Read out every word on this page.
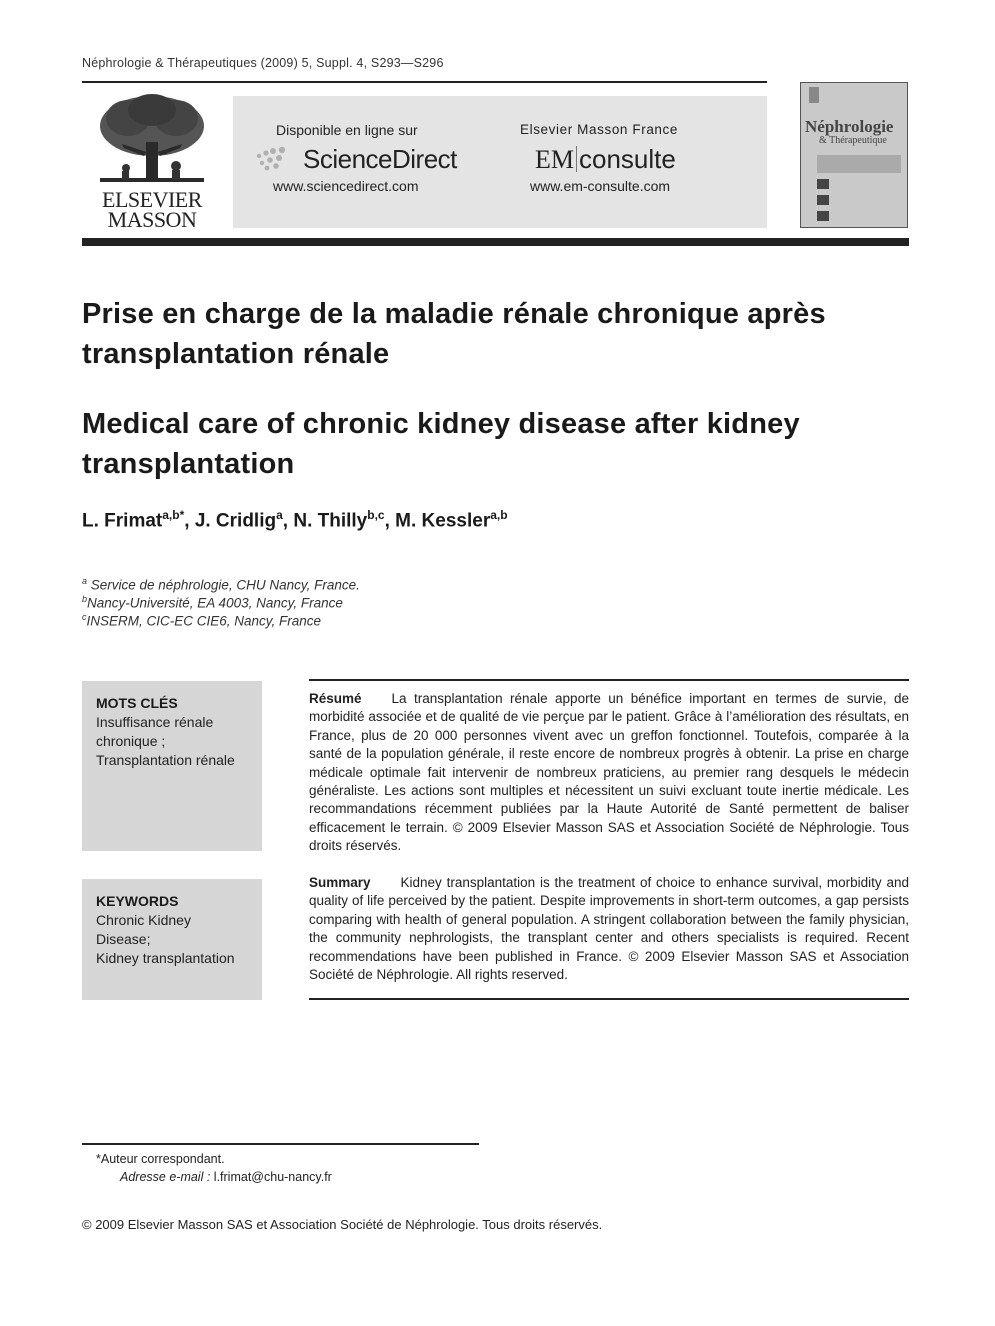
Néphrologie & Thérapeutiques (2009) 5, Suppl. 4, S293—S296
ELSEVIER
MASSON
Disponible en ligne sur
ScienceDirect
www.sciencedirect.com
Elsevier Masson France
EM consulte
www.em-consulte.com
Néphrologie
& Thérapeutique
Prise en charge de la maladie rénale chronique après transplantation rénale
Medical care of chronic kidney disease after kidney transplantation
L. Frimat$^{a,b*}$, J. Cridlig$^a$, N. Thilly$^{b,c}$, M. Kessler$^{a,b}$
$^a$ Service de néphrologie, CHU Nancy, France.
$^b$Nancy-Université, EA 4003, Nancy, France
$^c$INSERM, CIC-EC CIE6, Nancy, France
MOTS CLÉS
Insuffisance rénale
chronique ;
Transplantation rénale
KEYWORDS
Chronic Kidney
Disease;
Kidney transplantation
Résumé La transplantation rénale apporte un bénéfice important en termes de survie, de morbidité associée et de qualité de vie perçue par le patient. Grâce à l’amélioration des résultats, en France, plus de 20 000 personnes vivent avec un greffon fonctionnel. Toutefois, comparée à la santé de la population générale, il reste encore de nombreux progrès à obtenir. La prise en charge médicale optimale fait intervenir de nombreux praticiens, au premier rang desquels le médecin généraliste. Les actions sont multiples et nécessitent un suivi excluant toute inertie médicale. Les recommandations récemment publiées par la Haute Autorité de Santé permettent de baliser efficacement le terrain. © 2009 Elsevier Masson SAS et Association Société de Néphrologie. Tous droits réservés.
Summary Kidney transplantation is the treatment of choice to enhance survival, morbidity and quality of life perceived by the patient. Despite improvements in short-term outcomes, a gap persists comparing with health of general population. A stringent collaboration between the family physician, the community nephrologists, the transplant center and others specialists is required. Recent recommendations have been published in France. © 2009 Elsevier Masson SAS et Association Société de Néphrologie. All rights reserved.
*Auteur correspondant.
Adresse e-mail : l.frimat@chu-nancy.fr
© 2009 Elsevier Masson SAS et Association Société de Néphrologie. Tous droits réservés.
